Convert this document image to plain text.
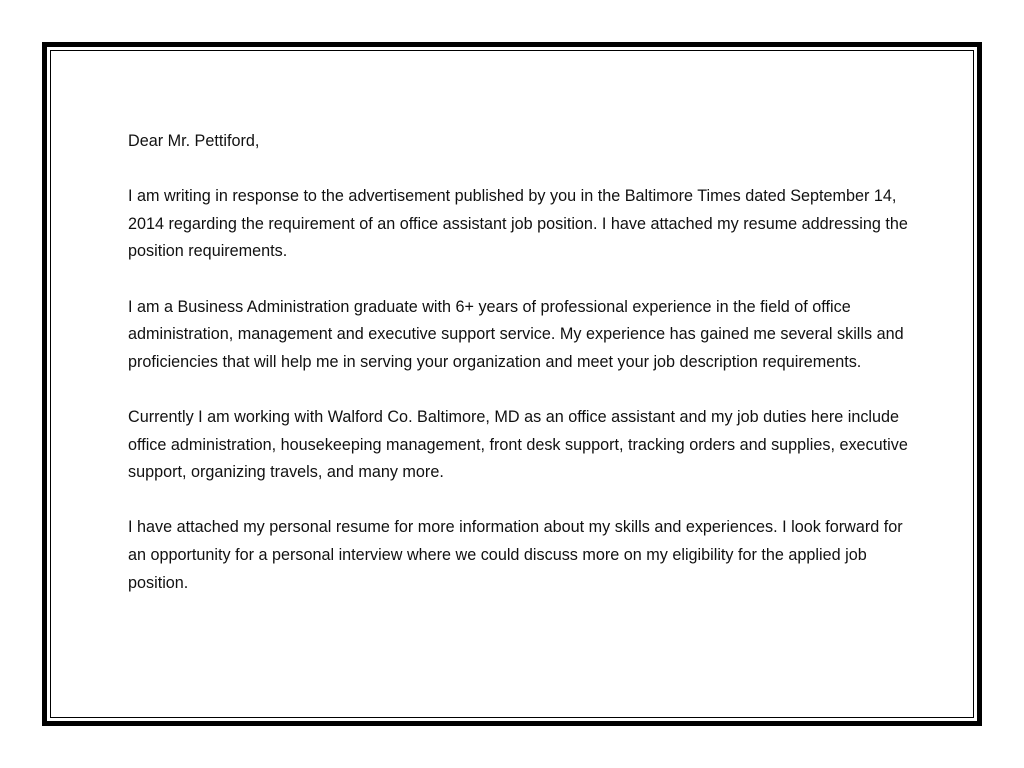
Dear Mr. Pettiford,

I am writing in response to the advertisement published by you in the Baltimore Times dated September 14, 2014 regarding the requirement of an office assistant job position. I have attached my resume addressing the position requirements.

I am a Business Administration graduate with 6+ years of professional experience in the field of office administration, management and executive support service. My experience has gained me several skills and proficiencies that will help me in serving your organization and meet your job description requirements.

Currently I am working with Walford Co. Baltimore, MD as an office assistant and my job duties here include office administration, housekeeping management, front desk support, tracking orders and supplies, executive support, organizing travels, and many more.

I have attached my personal resume for more information about my skills and experiences. I look forward for an opportunity for a personal interview where we could discuss more on my eligibility for the applied job position.
